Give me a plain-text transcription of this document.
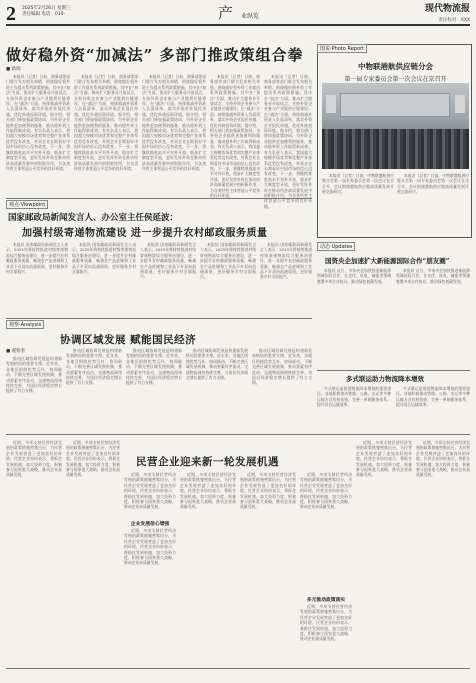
2 2025年2月26日 星期三
责任编辑 电话：010-	产 业纵览
现代物流报
责任校对：XXX
做好稳外资“加减法” 多部门推政策组合拳
■ 新闻

本报讯（记者）日前，商务部等部门联合发布相关举措，围绕做好稳外资工作提出系列政策措施。其中在“加法”方面，推动扩大服务业开放试点，支持外资企业参与产业链供应链建设；在“减法”方面，持续缩减外资准入负面清单，落实外资企业国民待遇，优化外商投资环境。据介绍，相关部门将加强政策协同，为外资企业提供更加便利的服务，推动稳外资工作取得新成效。有关负责人表示，我国超大规模市场优势和完整产业体系优势没有改变，外资企业长期看好中国市场的信心没有改变。下一步，将继续推进高水平对外开放，稳步扩大制度型开放，更好发挥外资在推动经济高质量发展中的积极作用，为各类经营主体营造公平竞争的良好环境。

本报讯（记者）日前，商务部等部门联合发布相关举措，围绕做好稳外资工作提出系列政策措施。其中在“加法”方面，推动扩大服务业开放试点，支持外资企业参与产业链供应链建设；在“减法”方面，持续缩减外资准入负面清单，落实外资企业国民待遇，优化外商投资环境。据介绍，相关部门将加强政策协同，为外资企业提供更加便利的服务，推动稳外资工作取得新成效。有关负责人表示，我国超大规模市场优势和完整产业体系优势没有改变，外资企业长期看好中国市场的信心没有改变。下一步，将继续推进高水平对外开放，稳步扩大制度型开放，更好发挥外资在推动经济高质量发展中的积极作用，为各类经营主体营造公平竞争的良好环境。

本报讯（记者）日前，商务部等部门联合发布相关举措，围绕做好稳外资工作提出系列政策措施。其中在“加法”方面，推动扩大服务业开放试点，支持外资企业参与产业链供应链建设；在“减法”方面，持续缩减外资准入负面清单，落实外资企业国民待遇，优化外商投资环境。据介绍，相关部门将加强政策协同，为外资企业提供更加便利的服务，推动稳外资工作取得新成效。有关负责人表示，我国超大规模市场优势和完整产业体系优势没有改变，外资企业长期看好中国市场的信心没有改变。下一步，将继续推进高水平对外开放，稳步扩大制度型开放，更好发挥外资在推动经济高质量发展中的积极作用，为各类经营主体营造公平竞争的良好环境。

本报讯（记者）日前，商务部等部门联合发布相关举措，围绕做好稳外资工作提出系列政策措施。其中在“加法”方面，推动扩大服务业开放试点，支持外资企业参与产业链供应链建设；在“减法”方面，持续缩减外资准入负面清单，落实外资企业国民待遇，优化外商投资环境。据介绍，相关部门将加强政策协同，为外资企业提供更加便利的服务，推动稳外资工作取得新成效。有关负责人表示，我国超大规模市场优势和完整产业体系优势没有改变，外资企业长期看好中国市场的信心没有改变。下一步，将继续推进高水平对外开放，稳步扩大制度型开放，更好发挥外资在推动经济高质量发展中的积极作用，为各类经营主体营造公平竞争的良好环境。

本报讯（记者）日前，商务部等部门联合发布相关举措，围绕做好稳外资工作提出系列政策措施。其中在“加法”方面，推动扩大服务业开放试点，支持外资企业参与产业链供应链建设；在“减法”方面，持续缩减外资准入负面清单，落实外资企业国民待遇，优化外商投资环境。据介绍，相关部门将加强政策协同，为外资企业提供更加便利的服务，推动稳外资工作取得新成效。有关负责人表示，我国超大规模市场优势和完整产业体系优势没有改变，外资企业长期看好中国市场的信心没有改变。下一步，将继续推进高水平对外开放，稳步扩大制度型开放，更好发挥外资在推动经济高质量发展中的积极作用，为各类经营主体营造公平竞争的良好环境。

图说·Photo Report
中物联港航供应链分会
第一届专家委员会第一次会议在京召开

本报讯（记者）日前，中物联港航供应链分会第一届专家委员会第一次会议在京召开。会议围绕港航供应链高质量发展开展交流研讨。

本报讯（记者）日前，中物联港航供应链分会第一届专家委员会第一次会议在京召开。会议围绕港航供应链高质量发展开展交流研讨。

观点·Viewpoint
国家邮政局新闻发言人、办公室主任侯延波：
加强村级寄递物流建设 进一步提升农村邮政服务质量

本报讯 国家邮政局新闻发言人表示，2025年将持续推进村级寄递物流综合服务站建设，进一步提升农村邮政服务质量，畅通农产品进城和工业品下乡双向流通渠道，更好服务乡村全面振兴。

本报讯 国家邮政局新闻发言人表示，2025年将持续推进村级寄递物流综合服务站建设，进一步提升农村邮政服务质量，畅通农产品进城和工业品下乡双向流通渠道，更好服务乡村全面振兴。

本报讯 国家邮政局新闻发言人表示，2025年将持续推进村级寄递物流综合服务站建设，进一步提升农村邮政服务质量，畅通农产品进城和工业品下乡双向流通渠道，更好服务乡村全面振兴。

本报讯 国家邮政局新闻发言人表示，2025年将持续推进村级寄递物流综合服务站建设，进一步提升农村邮政服务质量，畅通农产品进城和工业品下乡双向流通渠道，更好服务乡村全面振兴。

本报讯 国家邮政局新闻发言人表示，2025年将持续推进村级寄递物流综合服务站建设，进一步提升农村邮政服务质量，畅通农产品进城和工业品下乡双向流通渠道，更好服务乡村全面振兴。

动态·Updates
国资央企加速扩大新能源国际合作“朋友圈”

本报讯 近日，多家央企加快推进新能源领域国际合作，在光伏、风电、储能等领域签署多项合作协议，推动绿色低碳发展。

本报讯 近日，多家央企加快推进新能源领域国际合作，在光伏、风电、储能等领域签署多项合作协议，推动绿色低碳发展。

观察·Analysis
协调区域发展 赋能国民经济
■ 观察者

推动区域协调发展是构建新发展格局的重要支撑。近年来，各地区围绕优势互补、协同联动，不断完善区域发展机制，推动要素有序流动，交通物流网络持续完善，为国民经济稳定增长提供了有力支撑。

推动区域协调发展是构建新发展格局的重要支撑。近年来，各地区围绕优势互补、协同联动，不断完善区域发展机制，推动要素有序流动，交通物流网络持续完善，为国民经济稳定增长提供了有力支撑。

推动区域协调发展是构建新发展格局的重要支撑。近年来，各地区围绕优势互补、协同联动，不断完善区域发展机制，推动要素有序流动，交通物流网络持续完善，为国民经济稳定增长提供了有力支撑。

推动区域协调发展是构建新发展格局的重要支撑。近年来，各地区围绕优势互补、协同联动，不断完善区域发展机制，推动要素有序流动，交通物流网络持续完善，为国民经济稳定增长提供了有力支撑。

推动区域协调发展是构建新发展格局的重要支撑。近年来，各地区围绕优势互补、协同联动，不断完善区域发展机制，推动要素有序流动，交通物流网络持续完善，为国民经济稳定增长提供了有力支撑。	多式联运助力物流降本增效

多式联运是推进物流降本增效的重要途径。各地积极推动铁路、公路、水运等多种运输方式有机衔接，完善一单制服务体系，提升综合运输效率。

多式联运是推进物流降本增效的重要途径。各地积极推动铁路、公路、水运等多种运输方式有机衔接，完善一单制服务体系，提升综合运输效率。

近期，多项支持民营经济发展的政策措施密集出台，为民营企业发展营造了更加良好的环境。民营企业纷纷表示，将抓住发展机遇，加大投资力度，积极参与国家重大战略，推动企业高质量发展。

近期，多项支持民营经济发展的政策措施密集出台，为民营企业发展营造了更加良好的环境。民营企业纷纷表示，将抓住发展机遇，加大投资力度，积极参与国家重大战略，推动企业高质量发展。

民营企业迎来新一轮发展机遇

近期，多项支持民营经济发展的政策措施密集出台，为民营企业发展营造了更加良好的环境。民营企业纷纷表示，将抓住发展机遇，加大投资力度，积极参与国家重大战略，推动企业高质量发展。

企业发展信心增强

近期，多项支持民营经济发展的政策措施密集出台，为民营企业发展营造了更加良好的环境。民营企业纷纷表示，将抓住发展机遇，加大投资力度，积极参与国家重大战略，推动企业高质量发展。

近期，多项支持民营经济发展的政策措施密集出台，为民营企业发展营造了更加良好的环境。民营企业纷纷表示，将抓住发展机遇，加大投资力度，积极参与国家重大战略，推动企业高质量发展。

近期，多项支持民营经济发展的政策措施密集出台，为民营企业发展营造了更加良好的环境。民营企业纷纷表示，将抓住发展机遇，加大投资力度，积极参与国家重大战略，推动企业高质量发展。

近期，多项支持民营经济发展的政策措施密集出台，为民营企业发展营造了更加良好的环境。民营企业纷纷表示，将抓住发展机遇，加大投资力度，积极参与国家重大战略，推动企业高质量发展。

多元推动政策落实

近期，多项支持民营经济发展的政策措施密集出台，为民营企业发展营造了更加良好的环境。民营企业纷纷表示，将抓住发展机遇，加大投资力度，积极参与国家重大战略，推动企业高质量发展。

近期，多项支持民营经济发展的政策措施密集出台，为民营企业发展营造了更加良好的环境。民营企业纷纷表示，将抓住发展机遇，加大投资力度，积极参与国家重大战略，推动企业高质量发展。

近期，多项支持民营经济发展的政策措施密集出台，为民营企业发展营造了更加良好的环境。民营企业纷纷表示，将抓住发展机遇，加大投资力度，积极参与国家重大战略，推动企业高质量发展。
